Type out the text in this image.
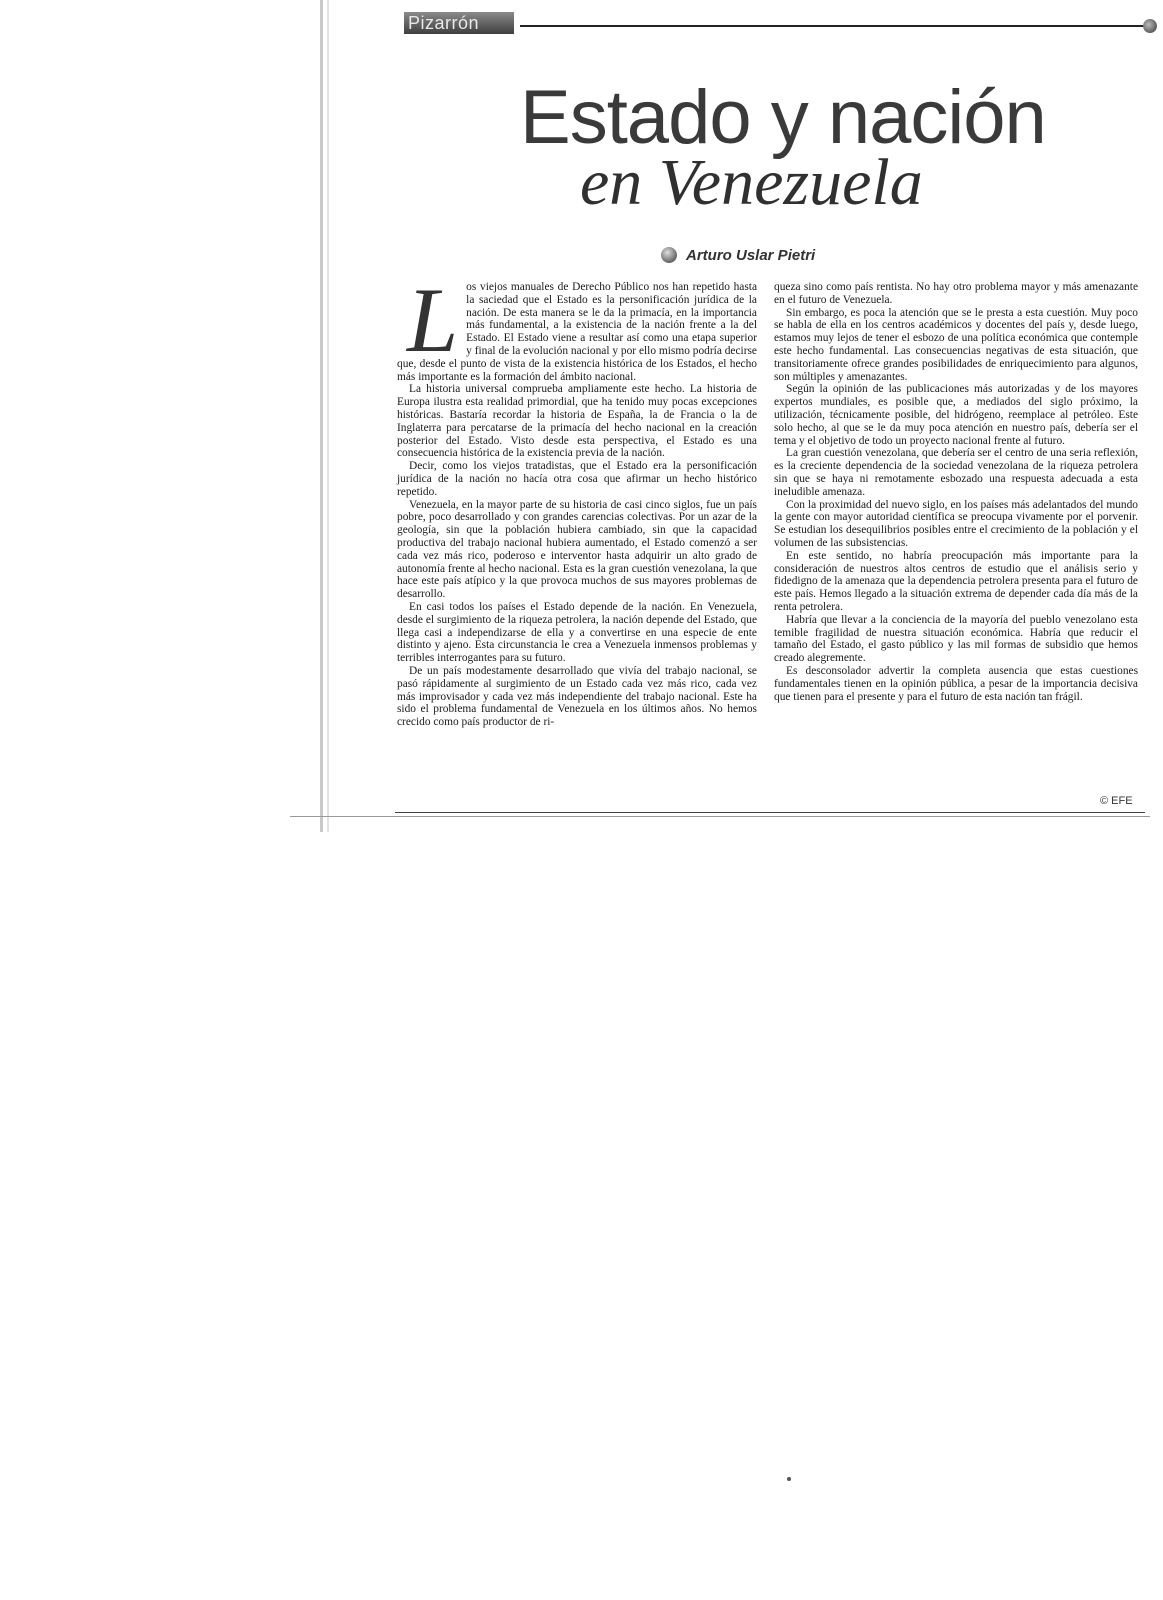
Pizarrón
Estado y nación
en Venezuela
Arturo Uslar Pietri

Los viejos manuales de Derecho Público nos han repetido hasta la saciedad que el Estado es la personificación jurídica de la nación. De esta manera se le da la primacía, en la importancia más fundamental, a la existencia de la nación frente a la del Estado. El Estado viene a resultar así como una etapa superior y final de la evolución nacional y por ello mismo podría decirse que, desde el punto de vista de la existencia histórica de los Estados, el hecho más importante es la formación del ámbito nacional.

La historia universal comprueba ampliamente este hecho. La historia de Europa ilustra esta realidad primordial, que ha tenido muy pocas excepciones históricas. Bastaría recordar la historia de España, la de Francia o la de Inglaterra para percatarse de la primacía del hecho nacional en la creación posterior del Estado. Visto desde esta perspectiva, el Estado es una consecuencia histórica de la existencia previa de la nación.

Decir, como los viejos tratadistas, que el Estado era la personificación jurídica de la nación no hacía otra cosa que afirmar un hecho histórico repetido.

Venezuela, en la mayor parte de su historia de casi cinco siglos, fue un país pobre, poco desarrollado y con grandes carencias colectivas. Por un azar de la geología, sin que la población hubiera cambiado, sin que la capacidad productiva del trabajo nacional hubiera aumentado, el Estado comenzó a ser cada vez más rico, poderoso e interventor hasta adquirir un alto grado de autonomía frente al hecho nacional. Esta es la gran cuestión venezolana, la que hace este país atípico y la que provoca muchos de sus mayores problemas de desarrollo.

En casi todos los países el Estado depende de la nación. En Venezuela, desde el surgimiento de la riqueza petrolera, la nación depende del Estado, que llega casi a independizarse de ella y a convertirse en una especie de ente distinto y ajeno. Esta circunstancia le crea a Venezuela inmensos problemas y terribles interrogantes para su futuro.

De un país modestamente desarrollado que vivía del trabajo nacional, se pasó rápidamente al surgimiento de un Estado cada vez más rico, cada vez más improvisador y cada vez más independiente del trabajo nacional. Este ha sido el problema fundamental de Venezuela en los últimos años. No hemos crecido como país productor de ri-

queza sino como país rentista. No hay otro problema mayor y más amenazante en el futuro de Venezuela.

Sin embargo, es poca la atención que se le presta a esta cuestión. Muy poco se habla de ella en los centros académicos y docentes del país y, desde luego, estamos muy lejos de tener el esbozo de una política económica que contemple este hecho fundamental. Las consecuencias negativas de esta situación, que transitoriamente ofrece grandes posibilidades de enriquecimiento para algunos, son múltiples y amenazantes.

Según la opinión de las publicaciones más autorizadas y de los mayores expertos mundiales, es posible que, a mediados del siglo próximo, la utilización, técnicamente posible, del hidrógeno, reemplace al petróleo. Este solo hecho, al que se le da muy poca atención en nuestro país, debería ser el tema y el objetivo de todo un proyecto nacional frente al futuro.

La gran cuestión venezolana, que debería ser el centro de una seria reflexión, es la creciente dependencia de la sociedad venezolana de la riqueza petrolera sin que se haya ni remotamente esbozado una respuesta adecuada a esta ineludible amenaza.

Con la proximidad del nuevo siglo, en los países más adelantados del mundo la gente con mayor autoridad científica se preocupa vivamente por el porvenir. Se estudian los desequilibrios posibles entre el crecimiento de la población y el volumen de las subsistencias.

En este sentido, no habría preocupación más importante para la consideración de nuestros altos centros de estudio que el análisis serio y fidedigno de la amenaza que la dependencia petrolera presenta para el futuro de este país. Hemos llegado a la situación extrema de depender cada día más de la renta petrolera.

Habría que llevar a la conciencia de la mayoría del pueblo venezolano esta temible fragilidad de nuestra situación económica. Habría que reducir el tamaño del Estado, el gasto público y las mil formas de subsidio que hemos creado alegremente.

Es desconsolador advertir la completa ausencia que estas cuestiones fundamentales tienen en la opinión pública, a pesar de la importancia decisiva que tienen para el presente y para el futuro de esta nación tan frágil.

© EFE
